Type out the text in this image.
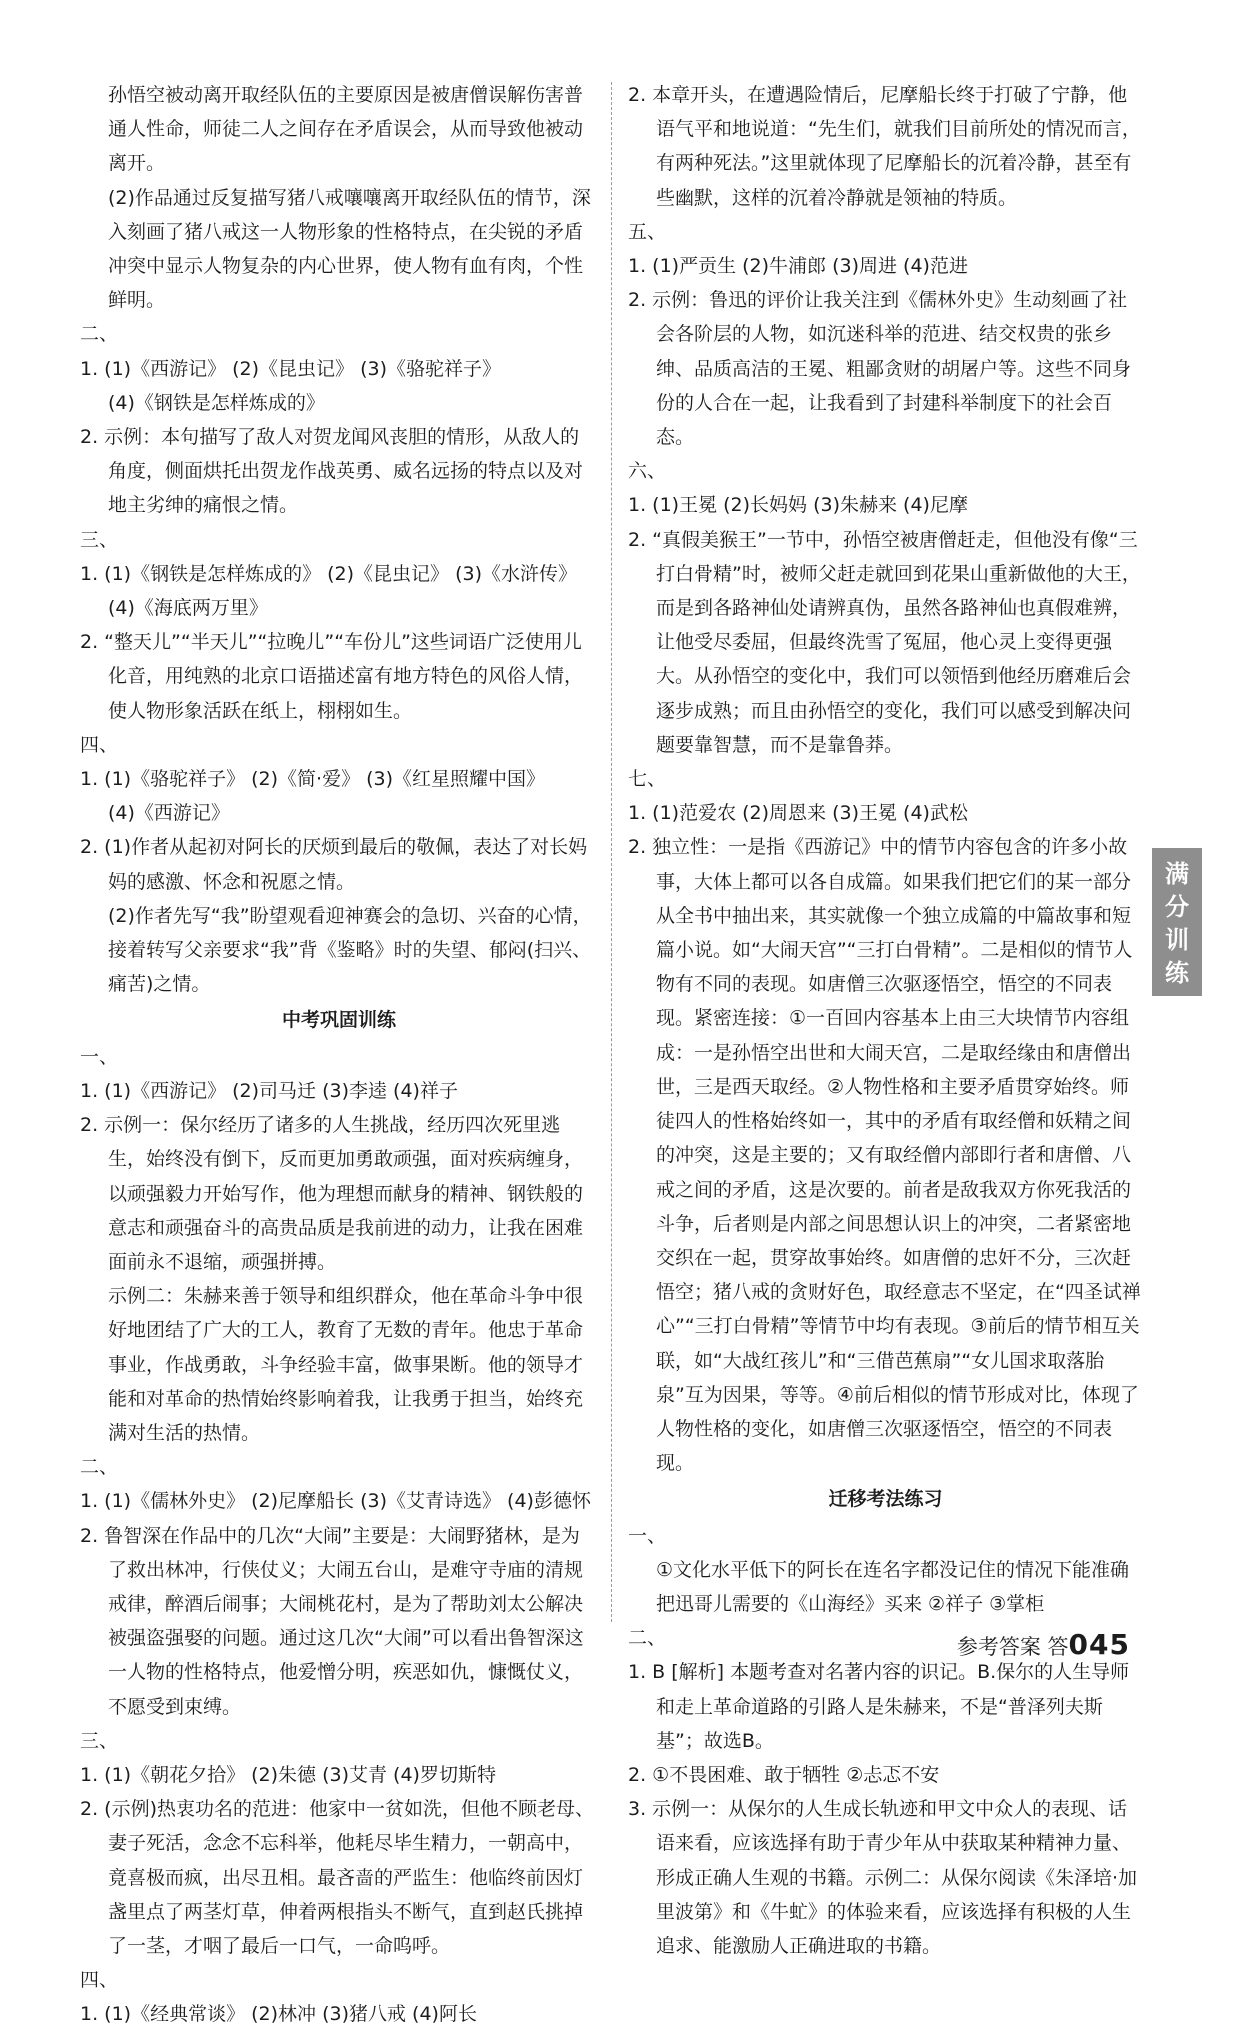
孙悟空被动离开取经队伍的主要原因是被唐僧误解伤害普通人性命，师徒二人之间存在矛盾误会，从而导致他被动离开。

(2)作品通过反复描写猪八戒嚷嚷离开取经队伍的情节，深入刻画了猪八戒这一人物形象的性格特点，在尖锐的矛盾冲突中显示人物复杂的内心世界，使人物有血有肉，个性鲜明。

二、

1. (1)《西游记》 (2)《昆虫记》 (3)《骆驼祥子》

(4)《钢铁是怎样炼成的》

2. 示例：本句描写了敌人对贺龙闻风丧胆的情形，从敌人的角度，侧面烘托出贺龙作战英勇、威名远扬的特点以及对地主劣绅的痛恨之情。

三、

1. (1)《钢铁是怎样炼成的》 (2)《昆虫记》 (3)《水浒传》

(4)《海底两万里》

2. “整天儿”“半天儿”“拉晚儿”“车份儿”这些词语广泛使用儿化音，用纯熟的北京口语描述富有地方特色的风俗人情，使人物形象活跃在纸上，栩栩如生。

四、

1. (1)《骆驼祥子》 (2)《简·爱》 (3)《红星照耀中国》

(4)《西游记》

2. (1)作者从起初对阿长的厌烦到最后的敬佩，表达了对长妈妈的感激、怀念和祝愿之情。

(2)作者先写“我”盼望观看迎神赛会的急切、兴奋的心情，接着转写父亲要求“我”背《鉴略》时的失望、郁闷(扫兴、痛苦)之情。

中考巩固训练

一、

1. (1)《西游记》 (2)司马迁 (3)李逵 (4)祥子

2. 示例一：保尔经历了诸多的人生挑战，经历四次死里逃生，始终没有倒下，反而更加勇敢顽强，面对疾病缠身，以顽强毅力开始写作，他为理想而献身的精神、钢铁般的意志和顽强奋斗的高贵品质是我前进的动力，让我在困难面前永不退缩，顽强拼搏。

示例二：朱赫来善于领导和组织群众，他在革命斗争中很好地团结了广大的工人，教育了无数的青年。他忠于革命事业，作战勇敢，斗争经验丰富，做事果断。他的领导才能和对革命的热情始终影响着我，让我勇于担当，始终充满对生活的热情。

二、

1. (1)《儒林外史》 (2)尼摩船长 (3)《艾青诗选》 (4)彭德怀

2. 鲁智深在作品中的几次“大闹”主要是：大闹野猪林，是为了救出林冲，行侠仗义；大闹五台山，是难守寺庙的清规戒律，醉酒后闹事；大闹桃花村，是为了帮助刘太公解决被强盗强娶的问题。通过这几次“大闹”可以看出鲁智深这一人物的性格特点，他爱憎分明，疾恶如仇，慷慨仗义，不愿受到束缚。

三、

1. (1)《朝花夕拾》 (2)朱德 (3)艾青 (4)罗切斯特

2. (示例)热衷功名的范进：他家中一贫如洗，但他不顾老母、妻子死活，念念不忘科举，他耗尽毕生精力，一朝高中，竟喜极而疯，出尽丑相。最吝啬的严监生：他临终前因灯盏里点了两茎灯草，伸着两根指头不断气，直到赵氏挑掉了一茎，才咽了最后一口气，一命呜呼。

四、

1. (1)《经典常谈》 (2)林冲 (3)猪八戒 (4)阿长

2. 本章开头，在遭遇险情后，尼摩船长终于打破了宁静，他语气平和地说道：“先生们，就我们目前所处的情况而言，有两种死法。”这里就体现了尼摩船长的沉着冷静，甚至有些幽默，这样的沉着冷静就是领袖的特质。

五、

1. (1)严贡生 (2)牛浦郎 (3)周进 (4)范进

2. 示例：鲁迅的评价让我关注到《儒林外史》生动刻画了社会各阶层的人物，如沉迷科举的范进、结交权贵的张乡绅、品质高洁的王冕、粗鄙贪财的胡屠户等。这些不同身份的人合在一起，让我看到了封建科举制度下的社会百态。

六、

1. (1)王冕 (2)长妈妈 (3)朱赫来 (4)尼摩

2. “真假美猴王”一节中，孙悟空被唐僧赶走，但他没有像“三打白骨精”时，被师父赶走就回到花果山重新做他的大王，而是到各路神仙处请辨真伪，虽然各路神仙也真假难辨，让他受尽委屈，但最终洗雪了冤屈，他心灵上变得更强大。从孙悟空的变化中，我们可以领悟到他经历磨难后会逐步成熟；而且由孙悟空的变化，我们可以感受到解决问题要靠智慧，而不是靠鲁莽。

七、

1. (1)范爱农 (2)周恩来 (3)王冕 (4)武松

2. 独立性：一是指《西游记》中的情节内容包含的许多小故事，大体上都可以各自成篇。如果我们把它们的某一部分从全书中抽出来，其实就像一个独立成篇的中篇故事和短篇小说。如“大闹天宫”“三打白骨精”。二是相似的情节人物有不同的表现。如唐僧三次驱逐悟空，悟空的不同表现。紧密连接：①一百回内容基本上由三大块情节内容组成：一是孙悟空出世和大闹天宫，二是取经缘由和唐僧出世，三是西天取经。②人物性格和主要矛盾贯穿始终。师徒四人的性格始终如一，其中的矛盾有取经僧和妖精之间的冲突，这是主要的；又有取经僧内部即行者和唐僧、八戒之间的矛盾，这是次要的。前者是敌我双方你死我活的斗争，后者则是内部之间思想认识上的冲突，二者紧密地交织在一起，贯穿故事始终。如唐僧的忠奸不分，三次赶悟空；猪八戒的贪财好色，取经意志不坚定，在“四圣试禅心”“三打白骨精”等情节中均有表现。③前后的情节相互关联，如“大战红孩儿”和“三借芭蕉扇”“女儿国求取落胎泉”互为因果，等等。④前后相似的情节形成对比，体现了人物性格的变化，如唐僧三次驱逐悟空，悟空的不同表现。

迁移考法练习

一、

①文化水平低下的阿长在连名字都没记住的情况下能准确把迅哥儿需要的《山海经》买来 ②祥子 ③掌柜

二、

1. B [解析] 本题考查对名著内容的识记。B.保尔的人生导师和走上革命道路的引路人是朱赫来，不是“普泽列夫斯基”；故选B。

2. ①不畏困难、敢于牺牲 ②忐忑不安

3. 示例一：从保尔的人生成长轨迹和甲文中众人的表现、话语来看，应该选择有助于青少年从中获取某种精神力量、形成正确人生观的书籍。示例二：从保尔阅读《朱泽培·加里波第》和《牛虻》的体验来看，应该选择有积极的人生追求、能激励人正确进取的书籍。

满
分
训
练
参考答案 答045
